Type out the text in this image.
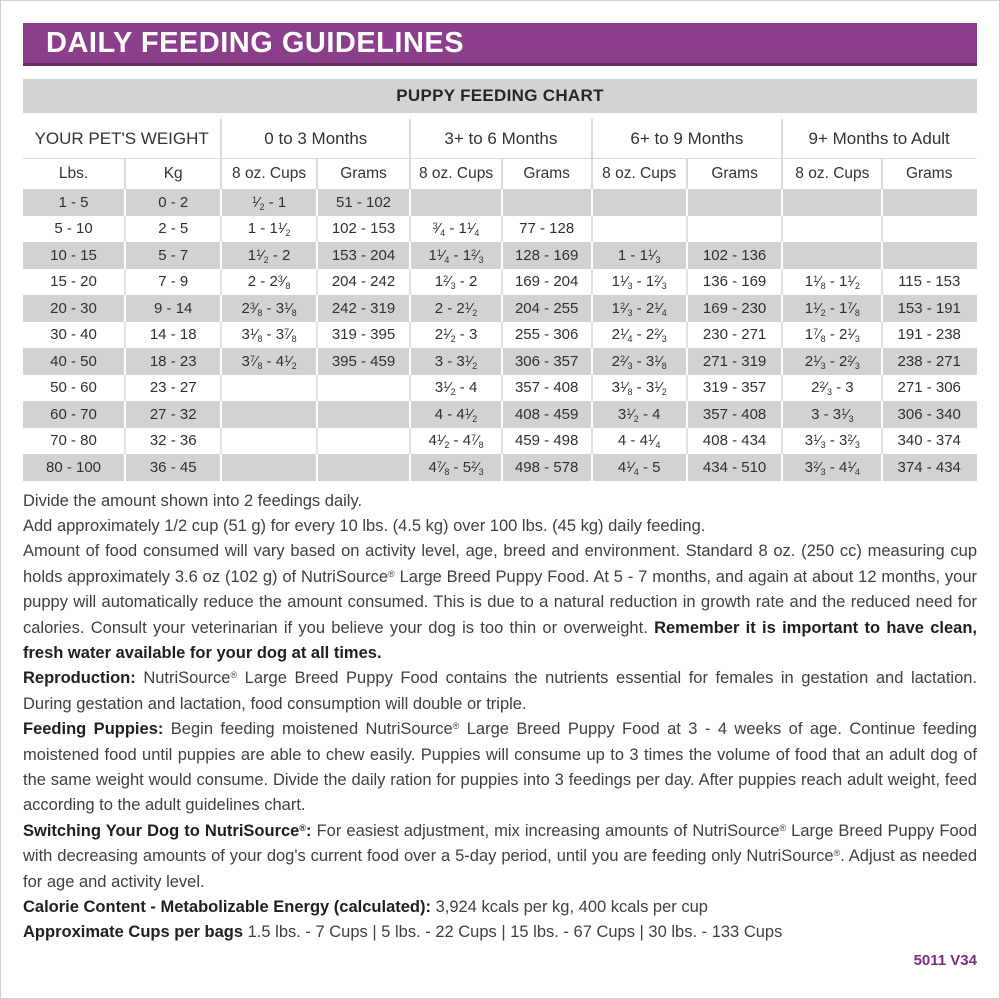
DAILY FEEDING GUIDELINES
PUPPY FEEDING CHART
YOUR PET'S WEIGHT		0 to 3 Months		3+ to 6 Months		6+ to 9 Months		9+ Months to Adult	
Lbs.	Kg	8 oz. Cups	Grams	8 oz. Cups	Grams	8 oz. Cups	Grams	8 oz. Cups	Grams
1 - 5	0 - 2	$^1⁄_2 - 1$	51 - 102						
5 - 10	2 - 5	$1 - 1^1⁄_2$	102 - 153	$^3⁄_4$ - $1^1⁄_4$	77 - 128				
10 - 15	5 - 7	$1^1⁄_2 - 2$	153 - 204	$1^1⁄_4$ - $1^2⁄_3$	128 - 169	$1 - 1^1⁄_3$	102 - 136		
15 - 20	7 - 9	$2 - 2^3⁄_8$	204 - 242	$1^2⁄_3 - 2$	169 - 204	$1^1⁄_3$ - $1^2⁄_3$	136 - 169	$1^1⁄_8$ - $1^1⁄_2$	115 - 153
20 - 30	9 - 14	$2^3⁄_8$ - $3^1⁄_8$	242 - 319	$2 - 2^1⁄_2$	204 - 255	$1^2⁄_3$ - $2^1⁄_4$	169 - 230	$1^1⁄_2$ - $1^7⁄_8$	153 - 191
30 - 40	14 - 18	$3^1⁄_8$ - $3^7⁄_8$	319 - 395	$2^1⁄_2 - 3$	255 - 306	$2^1⁄_4$ - $2^2⁄_3$	230 - 271	$1^7⁄_8$ - $2^1⁄_3$	191 - 238
40 - 50	18 - 23	$3^7⁄_8$ - $4^1⁄_2$	395 - 459	$3 - 3^1⁄_2$	306 - 357	$2^2⁄_3$ - $3^1⁄_8$	271 - 319	$2^1⁄_3$ - $2^2⁄_3$	238 - 271
50 - 60	23 - 27			$3^1⁄_2 - 4$	357 - 408	$3^1⁄_8$ - $3^1⁄_2$	319 - 357	$2^2⁄_3 - 3$	271 - 306
60 - 70	27 - 32			$4 - 4^1⁄_2$	408 - 459	$3^1⁄_2 - 4$	357 - 408	$3 - 3^1⁄_3$	306 - 340
70 - 80	32 - 36			$4^1⁄_2$ - $4^7⁄_8$	459 - 498	$4 - 4^1⁄_4$	408 - 434	$3^1⁄_3$ - $3^2⁄_3$	340 - 374
80 - 100	36 - 45			$4^7⁄_8$ - $5^2⁄_3$	498 - 578	$4^1⁄_4 - 5$	434 - 510	$3^2⁄_3$ - $4^1⁄_4$	374 - 434

Divide the amount shown into 2 feedings daily.

Add approximately 1/2 cup (51 g) for every 10 lbs. (4.5 kg) over 100 lbs. (45 kg) daily feeding.

Amount of food consumed will vary based on activity level, age, breed and environment. Standard 8 oz. (250 cc) measuring cup holds approximately 3.6 oz (102 g) of NutriSource® Large Breed Puppy Food. At 5 - 7 months, and again at about 12 months, your puppy will automatically reduce the amount consumed. This is due to a natural reduction in growth rate and the reduced need for calories. Consult your veterinarian if you believe your dog is too thin or overweight. Remember it is important to have clean, fresh water available for your dog at all times.

Reproduction: NutriSource® Large Breed Puppy Food contains the nutrients essential for females in gestation and lactation. During gestation and lactation, food consumption will double or triple.

Feeding Puppies: Begin feeding moistened NutriSource® Large Breed Puppy Food at 3 - 4 weeks of age. Continue feeding moistened food until puppies are able to chew easily. Puppies will consume up to 3 times the volume of food that an adult dog of the same weight would consume. Divide the daily ration for puppies into 3 feedings per day. After puppies reach adult weight, feed according to the adult guidelines chart.

Switching Your Dog to NutriSource®: For easiest adjustment, mix increasing amounts of NutriSource® Large Breed Puppy Food with decreasing amounts of your dog's current food over a 5-day period, until you are feeding only NutriSource®. Adjust as needed for age and activity level.

Calorie Content - Metabolizable Energy (calculated): 3,924 kcals per kg, 400 kcals per cup

Approximate Cups per bags 1.5 lbs. - 7 Cups | 5 lbs. - 22 Cups | 15 lbs. - 67 Cups | 30 lbs. - 133 Cups

5011 V34
